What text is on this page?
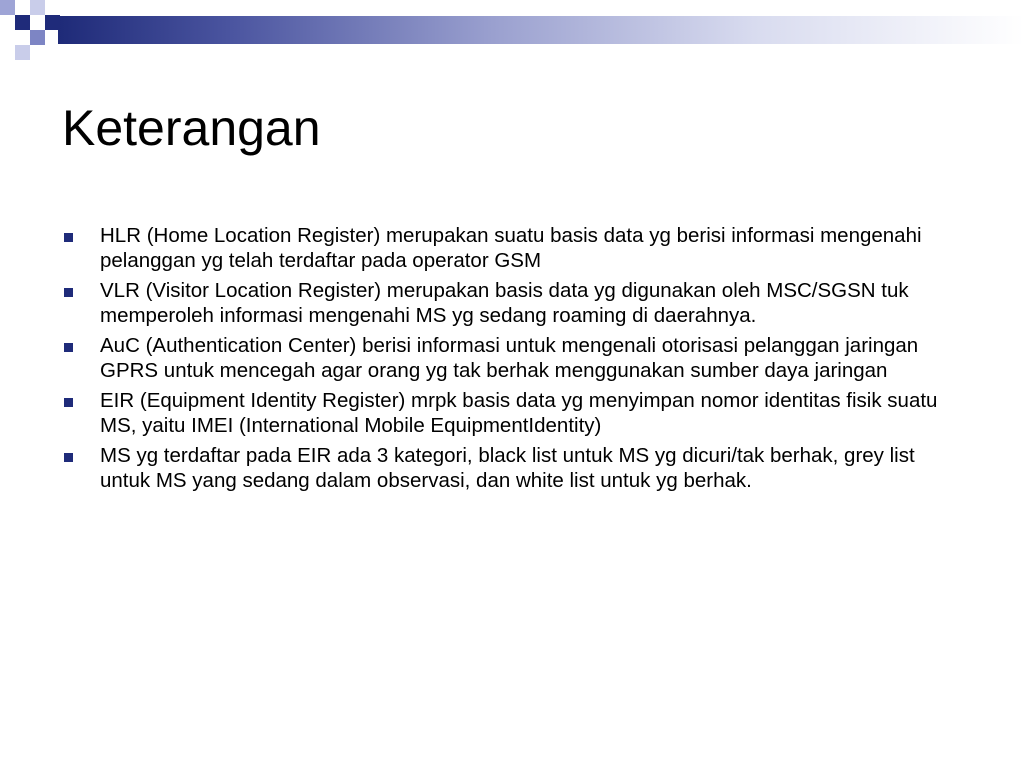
Keterangan
HLR (Home Location Register) merupakan suatu basis data yg berisi informasi mengenahi pelanggan yg telah terdaftar pada operator GSM
VLR (Visitor Location Register) merupakan basis data yg digunakan oleh MSC/SGSN tuk memperoleh informasi mengenahi MS yg sedang roaming di daerahnya.
AuC (Authentication Center) berisi informasi untuk mengenali otorisasi pelanggan jaringan GPRS untuk mencegah agar orang yg tak berhak menggunakan sumber daya jaringan
EIR (Equipment Identity Register) mrpk basis data yg menyimpan nomor identitas fisik suatu MS, yaitu IMEI (International Mobile EquipmentIdentity)
MS yg terdaftar pada EIR ada 3 kategori, black list untuk MS yg dicuri/tak berhak, grey list untuk MS yang sedang dalam observasi, dan white list untuk yg berhak.
